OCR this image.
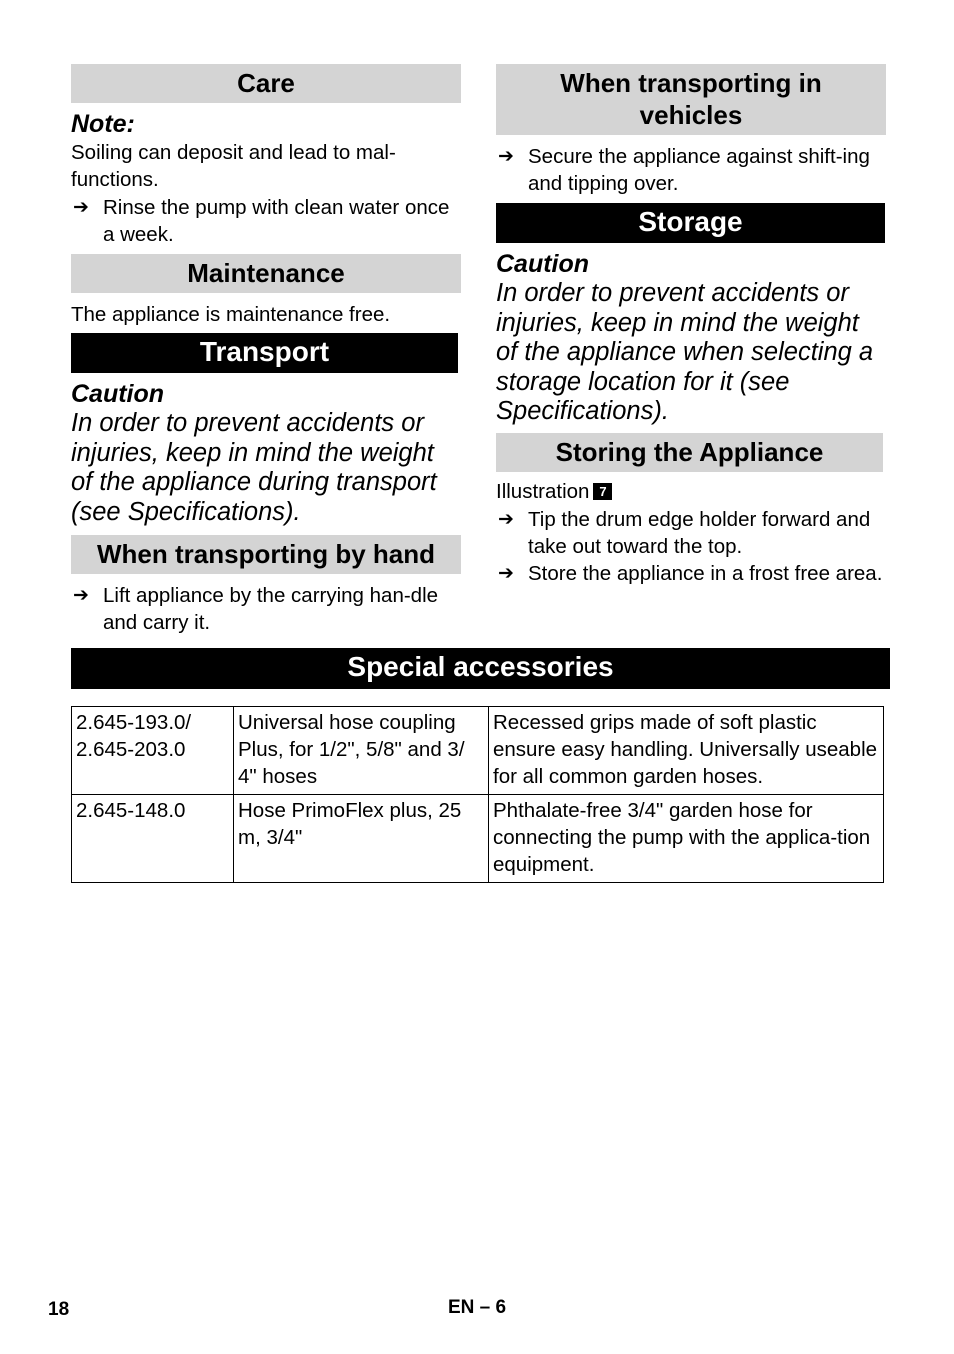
Care
Note:
Soiling can deposit and lead to mal-functions.
➔ Rinse the pump with clean water once a week.
Maintenance
The appliance is maintenance free.
Transport
Caution
In order to prevent accidents or injuries, keep in mind the weight of the appliance during transport (see Specifications).
When transporting by hand
➔ Lift appliance by the carrying han-dle and carry it.
When transporting in vehicles
➔ Secure the appliance against shift-ing and tipping over.
Storage
Caution
In order to prevent accidents or injuries, keep in mind the weight of the appliance when selecting a storage location for it (see Specifications).
Storing the Appliance
Illustration 7
➔ Tip the drum edge holder forward and take out toward the top.
➔ Store the appliance in a frost free area.
Special accessories
2.645-193.0/ 2.645-203.0	Universal hose coupling Plus, for 1/2", 5/8" and 3/ 4" hoses	Recessed grips made of soft plastic ensure easy handling. Universally useable for all common garden hoses.
2.645-148.0	Hose PrimoFlex plus, 25 m, 3/4"	Phthalate-free 3/4" garden hose for connecting the pump with the applica-tion equipment.
18	EN – 6
